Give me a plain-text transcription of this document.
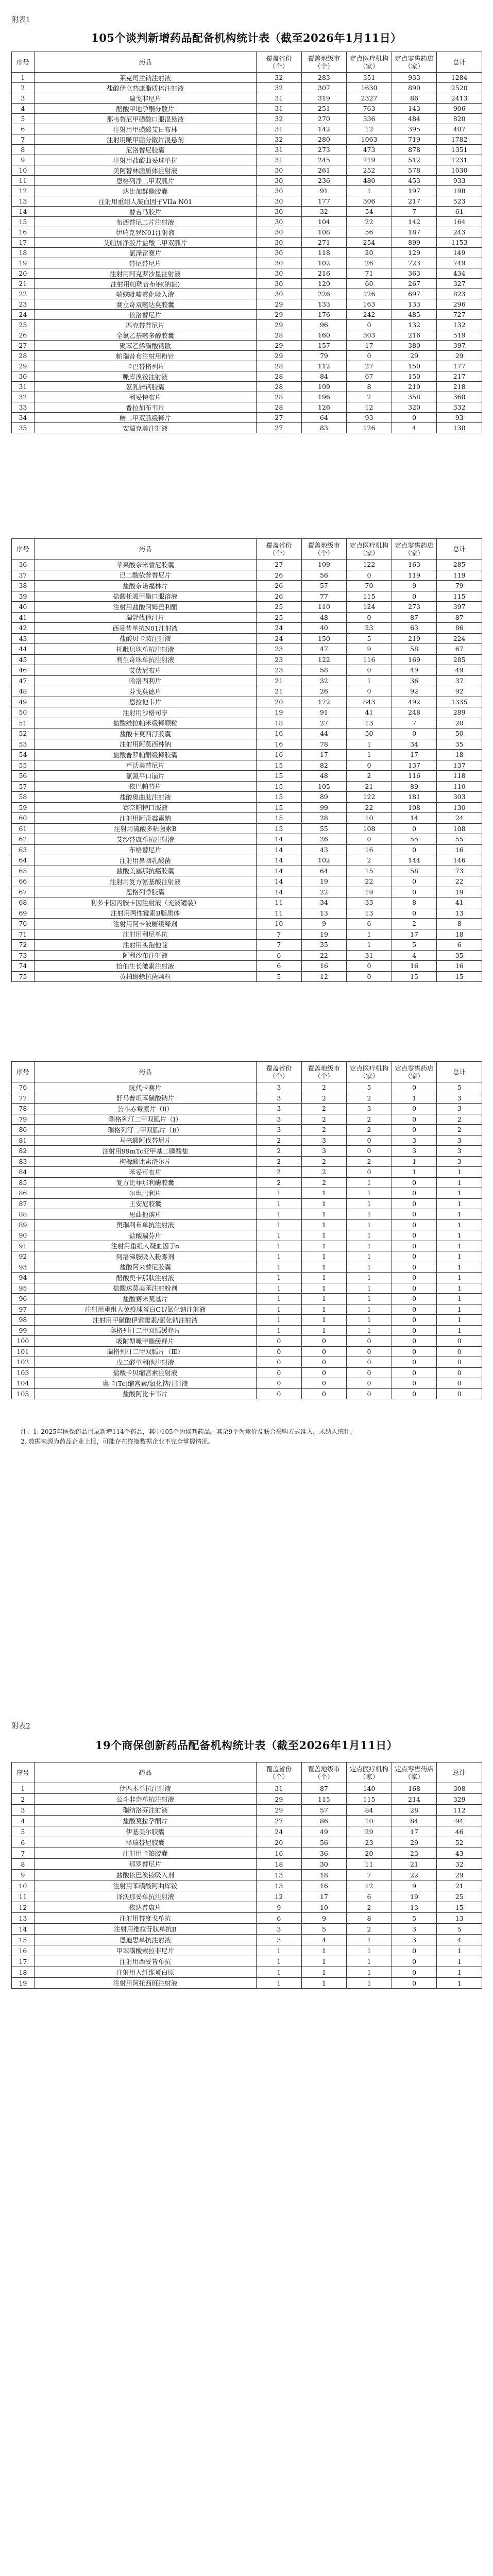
附表1
105个谈判新增药品配备机构统计表（截至2026年1月11日）
序号	药品	覆盖省份（个）	覆盖地级市（个）	定点医疗机构（家）	定点零售药店（家）	总计
1	莱克司兰钠注射液	32	283	351	933	1284
2	盐酸伊立替康脂质体注射液	32	307	1630	890	2520
3	瑞戈非尼片	31	319	2327	86	2413
4	醋酸甲地孕酮分散片	31	251	763	143	906
5	那韦替尼甲磺酸口服混悬液	32	270	336	484	820
6	注射用甲磺酸艾日布林	31	142	12	395	407
7	注射用哌甲脂分散片混悬剂	32	280	1063	719	1782
8	尼洛替尼胶囊	31	273	473	878	1351
9	注射用盐酸曲妥珠单抗	31	245	719	512	1231
10	美阿替林脂质体注射液	30	261	252	578	1030
11	恩格列净二甲双胍片	30	236	480	453	933
12	达比加群酯胶囊	30	91	1	197	198
13	注射用重组人凝血因子VIIa N01	30	177	306	217	523
14	替吉马胶片	30	32	54	7	61
15	布西替尼二片注射液	30	104	22	142	164
16	伊瑞克罗N01注射液	30	108	56	187	243
17	艾帕加净胶片盐酸二甲双胍片	30	271	254	899	1153
18	氯泽雷赛片	30	118	20	129	149
19	替尼替尼片	30	102	26	723	749
20	注射用阿克罗沙星注射液	30	216	71	363	434
21	注射用帕瑞昔布钠(钠盐)	30	120	60	267	327
22	喘蝶吡嗪雾化吸入液	30	226	126	697	823
23	赛立奇双嘧达莫胶囊	29	133	163	133	296
24	依洛替尼片	29	176	242	485	727
25	匹克替普尼片	29	96	0	132	132
26	全氟乙基嘧多醇胶囊	28	160	303	216	519
27	聚苯乙烯磺酸钙散	29	157	17	380	397
28	帕瑞昔布注射用粉针	29	79	0	29	29
29	卡巴替格列片	28	112	27	150	177
30	哌库溴铵注射液	28	84	67	150	217
31	氨乳锌钙胶囊	28	109	8	210	218
32	利妥特布片	28	196	2	358	360
33	普拉加布韦片	28	126	12	320	332
34	糖二甲双胍缓释片	27	64	93	0	93
35	安瑞克美注射液	27	83	126	4	130
序号	药品	覆盖省份（个）	覆盖地级市（个）	定点医疗机构（家）	定点零售药店（家）	总计
36	苹果酸奈米替尼胶囊	27	109	122	163	285
37	已二酸依普替尼片	26	56	0	119	119
38	盐酸奈诺福林片	26	57	70	9	79
39	盐酸托哌甲酯口服溶液	26	77	115	0	115
40	注射用盐酸阿姆巴利酮	25	110	124	273	397
41	瑞舒伐他汀片	25	48	0	87	87
42	西妥昔单抗N01注射液	24	40	23	63	86
43	盐酸贝卡胺注射液	24	150	5	219	224
44	托吡贝珠单抗注射液	23	47	9	58	67
45	利生奇珠单抗注射液	23	122	116	169	285
46	艾伏尼布片	23	58	0	49	49
47	哈洛西利片	21	32	1	36	37
48	芬戈莫德片	21	26	0	92	92
49	恩拉他韦片	20	172	843	492	1335
50	注射用沙格司亭	19	91	41	248	289
51	盐酸维拉帕米缓释颗粒	18	27	13	7	20
52	盐酸卡莫西汀胶囊	16	44	50	0	50
53	注射用阿莫西林钠	16	78	1	34	35
54	盐酸普罗帕酮缓释胶囊	16	17	1	17	18
55	芦沃美替尼片	15	82	0	137	137
56	氯氮平口崩片	15	48	2	116	118
57	依巴帕替片	15	105	21	89	110
58	盐酸奥曲肽注射液	15	89	122	181	303
59	赛奈帕特口服液	15	99	22	108	130
60	注射用阿奇霉素钠	15	28	10	14	24
61	注射用硫酸多粘菌素B	15	55	108	0	108
62	艾沙替康单抗注射液	14	26	0	55	55
63	布格替尼片	14	43	16	0	16
64	注射用鼻咽乳酸菌	14	102	2	144	146
65	盐酸美塞那抗癌胶囊	14	64	15	58	73
66	注射用复方氨基酸注射液	14	19	22	0	22
67	恩格列净胶囊	14	22	19	0	19
68	利多卡因丙胺卡因注射液（充液罐装）	11	34	33	8	41
69	注射用两性霉素B脂质体	11	13	13	0	13
70	注射用阿卡波糖缓释剂	10	9	6	2	8
71	注射用利尼单抗	7	19	1	17	18
72	注射用头孢他啶	7	35	1	5	6
73	阿利沙布注射液	6	22	31	4	35
74	恰伯生长激素注射液	6	16	0	16	16
75	黄柏蟾蜍抗菌颗粒	5	12	0	15	15
序号	药品	覆盖省份（个）	覆盖地级市（个）	定点医疗机构（家）	定点零售药店（家）	总计
76	阮代卡赛片	3	2	5	0	5
77	舒马普坦苯磺酸钠片	3	2	2	1	3
78	公斗赤霉素片（Ⅱ）	3	2	3	0	3
79	瑞格列汀二甲双胍片（I）	3	2	2	0	2
80	瑞格列汀二甲双胍片（Ⅱ）	3	2	2	0	2
81	马来酸阿伐替尼片	2	3	0	3	3
82	注射用99mTc亚甲基二膦酸盐	2	3	0	3	3
83	枸橼酸比索洛尔片	2	2	2	1	3
84	苯妥可布片	2	2	0	1	1
85	复方比菲那利酶胶囊	2	2	1	0	1
86	尔坦巴利片	1	1	1	0	1
87	王安尼胶囊	1	1	1	0	1
88	恩曲他滨片	1	1	1	0	1
89	奥瑞利布单抗注射液	1	1	1	0	1
90	盐酸瑞芬片	1	1	1	0	1
91	注射用重组人凝血因子α	1	1	1	0	1
92	阿洛涕胺吸入粉雾剂	1	1	1	0	1
93	盐酸阿来替尼胶囊	1	1	1	0	1
94	醋酸奥卡那肽注射液	1	1	1	0	1
95	盐酸达莫美苯注射粉剂	1	1	1	0	1
96	盐酸赛米莫基片	1	1	1	0	1
97	注射用重组人免疫球蛋白G1/氯化钠注射液	1	1	1	0	1
98	注射用甲磺酸伊索霉素/氯化钠注射液	1	1	1	0	1
99	奥格列汀二甲双胍缓释片	1	1	1	0	1
100	吸附型哌甲酯缓释片	0	0	0	0	0
101	瑞格列汀二甲双胍片（Ⅲ）	0	0	0	0	0
102	戊二醛单利他注射液	0	0	0	0	0
103	盐酸卡贝缩宫素注射液	0	0	0	0	0
104	奥卡(Tc)缩宫素/氯化钠注射液	0	0	0	0	0
105	盐酸阿比卡韦片	0	0	0	0	0
注：1. 2025年医保药品目录新增114个药品，其中105个为谈判药品。其余9个为竞价及联合采购方式准入，未纳入统计。
2. 数据来源为药品企业上报，可能存在终端数据企业不完全掌握情况。
附表2
19个商保创新药品配备机构统计表（截至2026年1月11日）
序号	药品	覆盖省份（个）	覆盖地级市（个）	定点医疗机构（家）	定点零售药店（家）	总计
1	伊匹木单抗注射液	31	87	140	168	308
2	公斗非奈单抗注射液	29	115	115	214	329
3	瑞纳洛芬注射液	29	57	84	28	112
4	盐酸莫拉孕酮片	27	86	10	84	94
5	伊基美尔胶囊	24	49	29	17	46
6	泽瑞替尼胶囊	20	56	23	29	52
7	注射用卡铂胶囊	16	36	20	23	43
8	那罗替尼片	18	30	11	21	32
9	盐酸依巴溴铵吸入剂	13	18	7	22	29
10	注射用苯磺酸阿曲库铵	13	16	12	9	21
11	泽沃那妥单抗注射液	12	17	6	19	25
12	依达普康片	9	10	2	13	15
13	注射用替度戈单抗	6	9	8	5	13
14	注射用维拉苷肽单抗B	3	5	2	3	5
15	恩迪思单抗注射液	3	4	1	3	4
16	甲苯磺酸索拉非尼片	1	1	1	0	1
17	注射用西妥昔单抗	1	1	1	0	1
18	注射用人纤维蛋白原	1	1	1	0	1
19	注射用阿托西班注射液	1	1	1	0	1
